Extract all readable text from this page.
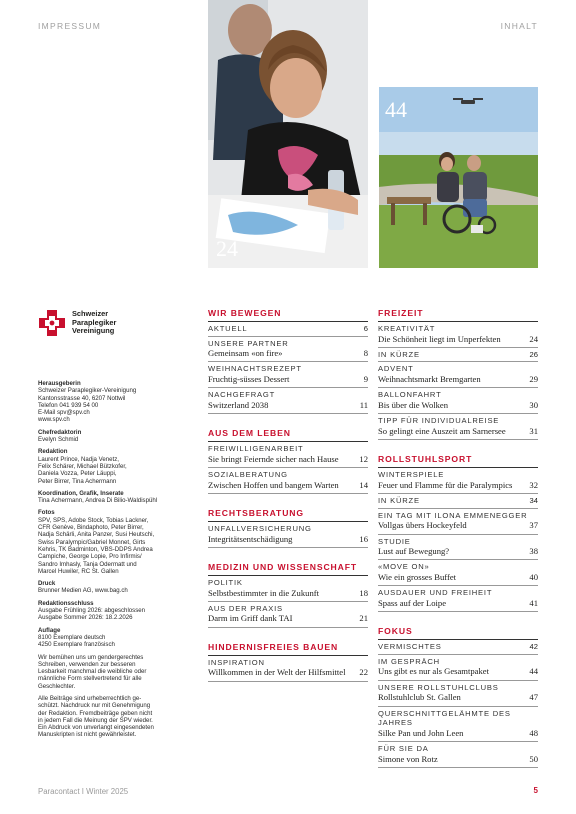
IMPRESSUM	INHALT
24
44
Schweizer
Paraplegiker
Vereinigung
Herausgeberin
Schweizer Paraplegiker-Vereinigung
Kantonsstrasse 40, 6207 Nottwil
Telefon 041 939 54 00
E-Mail spv@spv.ch
www.spv.ch
Chefredaktorin
Evelyn Schmid
Redaktion
Laurent Prince, Nadja Venetz,
Felix Schärer, Michael Bützkofer,
Daniela Vozza, Peter Läuppi,
Peter Birrer, Tina Achermann
Koordination, Grafik, Inserate
Tina Achermann, Andrea Di Bilio-Waldispühl
Fotos
SPV, SPS, Adobe Stock, Tobias Lackner,
CFR Genève, Bindaphoto, Peter Birrer,
Nadja Schärli, Anita Panzer, Susi Heutschi,
Swiss Paralympic/Gabriel Monnet, Girts
Kehris, TK Badminton, VBS-DDPS Andrea
Campiche, George Lopie, Pro Infirmis/
Sandro Imhasly, Tanja Odermatt und
Marcel Huwiler, RC St. Gallen
Druck
Brunner Medien AG, www.bag.ch
Redaktionsschluss
Ausgabe Frühling 2026: abgeschlossen
Ausgabe Sommer 2026: 18.2.2026
Auflage
8100 Exemplare deutsch
4250 Exemplare französisch
Wir bemühen uns um gendergerechtes
Schreiben, verwenden zur besseren
Lesbarkeit manchmal die weibliche oder
männliche Form stellvertretend für alle
Geschlechter.
Alle Beiträge sind urheberrechtlich ge-
schützt. Nachdruck nur mit Genehmigung
der Redaktion. Fremdbeiträge geben nicht
in jedem Fall die Meinung der SPV wieder.
Ein Abdruck von unverlangt eingesendeten
Manuskripten ist nicht gewährleistet.
WIR BEWEGEN
AKTUELL	6
UNSERE PARTNER
Gemeinsam «on fire»	8
WEIHNACHTSREZEPT
Fruchtig-süsses Dessert	9
NACHGEFRAGT
Switzerland 2038	11
AUS DEM LEBEN
FREIWILLIGENARBEIT
Sie bringt Feiernde sicher nach Hause	12
SOZIALBERATUNG
Zwischen Hoffen und bangem Warten	14
RECHTSBERATUNG
UNFALLVERSICHERUNG
Integritätsentschädigung	16
MEDIZIN UND WISSENSCHAFT
POLITIK
Selbstbestimmter in die Zukunft	18
AUS DER PRAXIS
Darm im Griff dank TAI	21
HINDERNISFREIES BAUEN
INSPIRATION
Willkommen in der Welt der Hilfsmittel	22
FREIZEIT
KREATIVITÄT
Die Schönheit liegt im Unperfekten	24
IN KÜRZE	26
ADVENT
Weihnachtsmarkt Bremgarten	29
BALLONFAHRT
Bis über die Wolken	30
TIPP FÜR INDIVIDUALREISE
So gelingt eine Auszeit am Sarnersee	31
ROLLSTUHLSPORT
WINTERSPIELE
Feuer und Flamme für die Paralympics	32
IN KÜRZE	34
EIN TAG MIT ILONA EMMENEGGER
Vollgas übers Hockeyfeld	37
STUDIE
Lust auf Bewegung?	38
«MOVE ON»
Wie ein grosses Buffet	40
AUSDAUER UND FREIHEIT
Spass auf der Loipe	41
FOKUS
VERMISCHTES	42
IM GESPRÄCH
Uns gibt es nur als Gesamtpaket	44
UNSERE ROLLSTUHLCLUBS
Rollstuhlclub St. Gallen	47
QUERSCHNITTGELÄHMTE DES JAHRES
Silke Pan und John Leen	48
FÜR SIE DA
Simone von Rotz	50
Paracontact I Winter 2025	5
